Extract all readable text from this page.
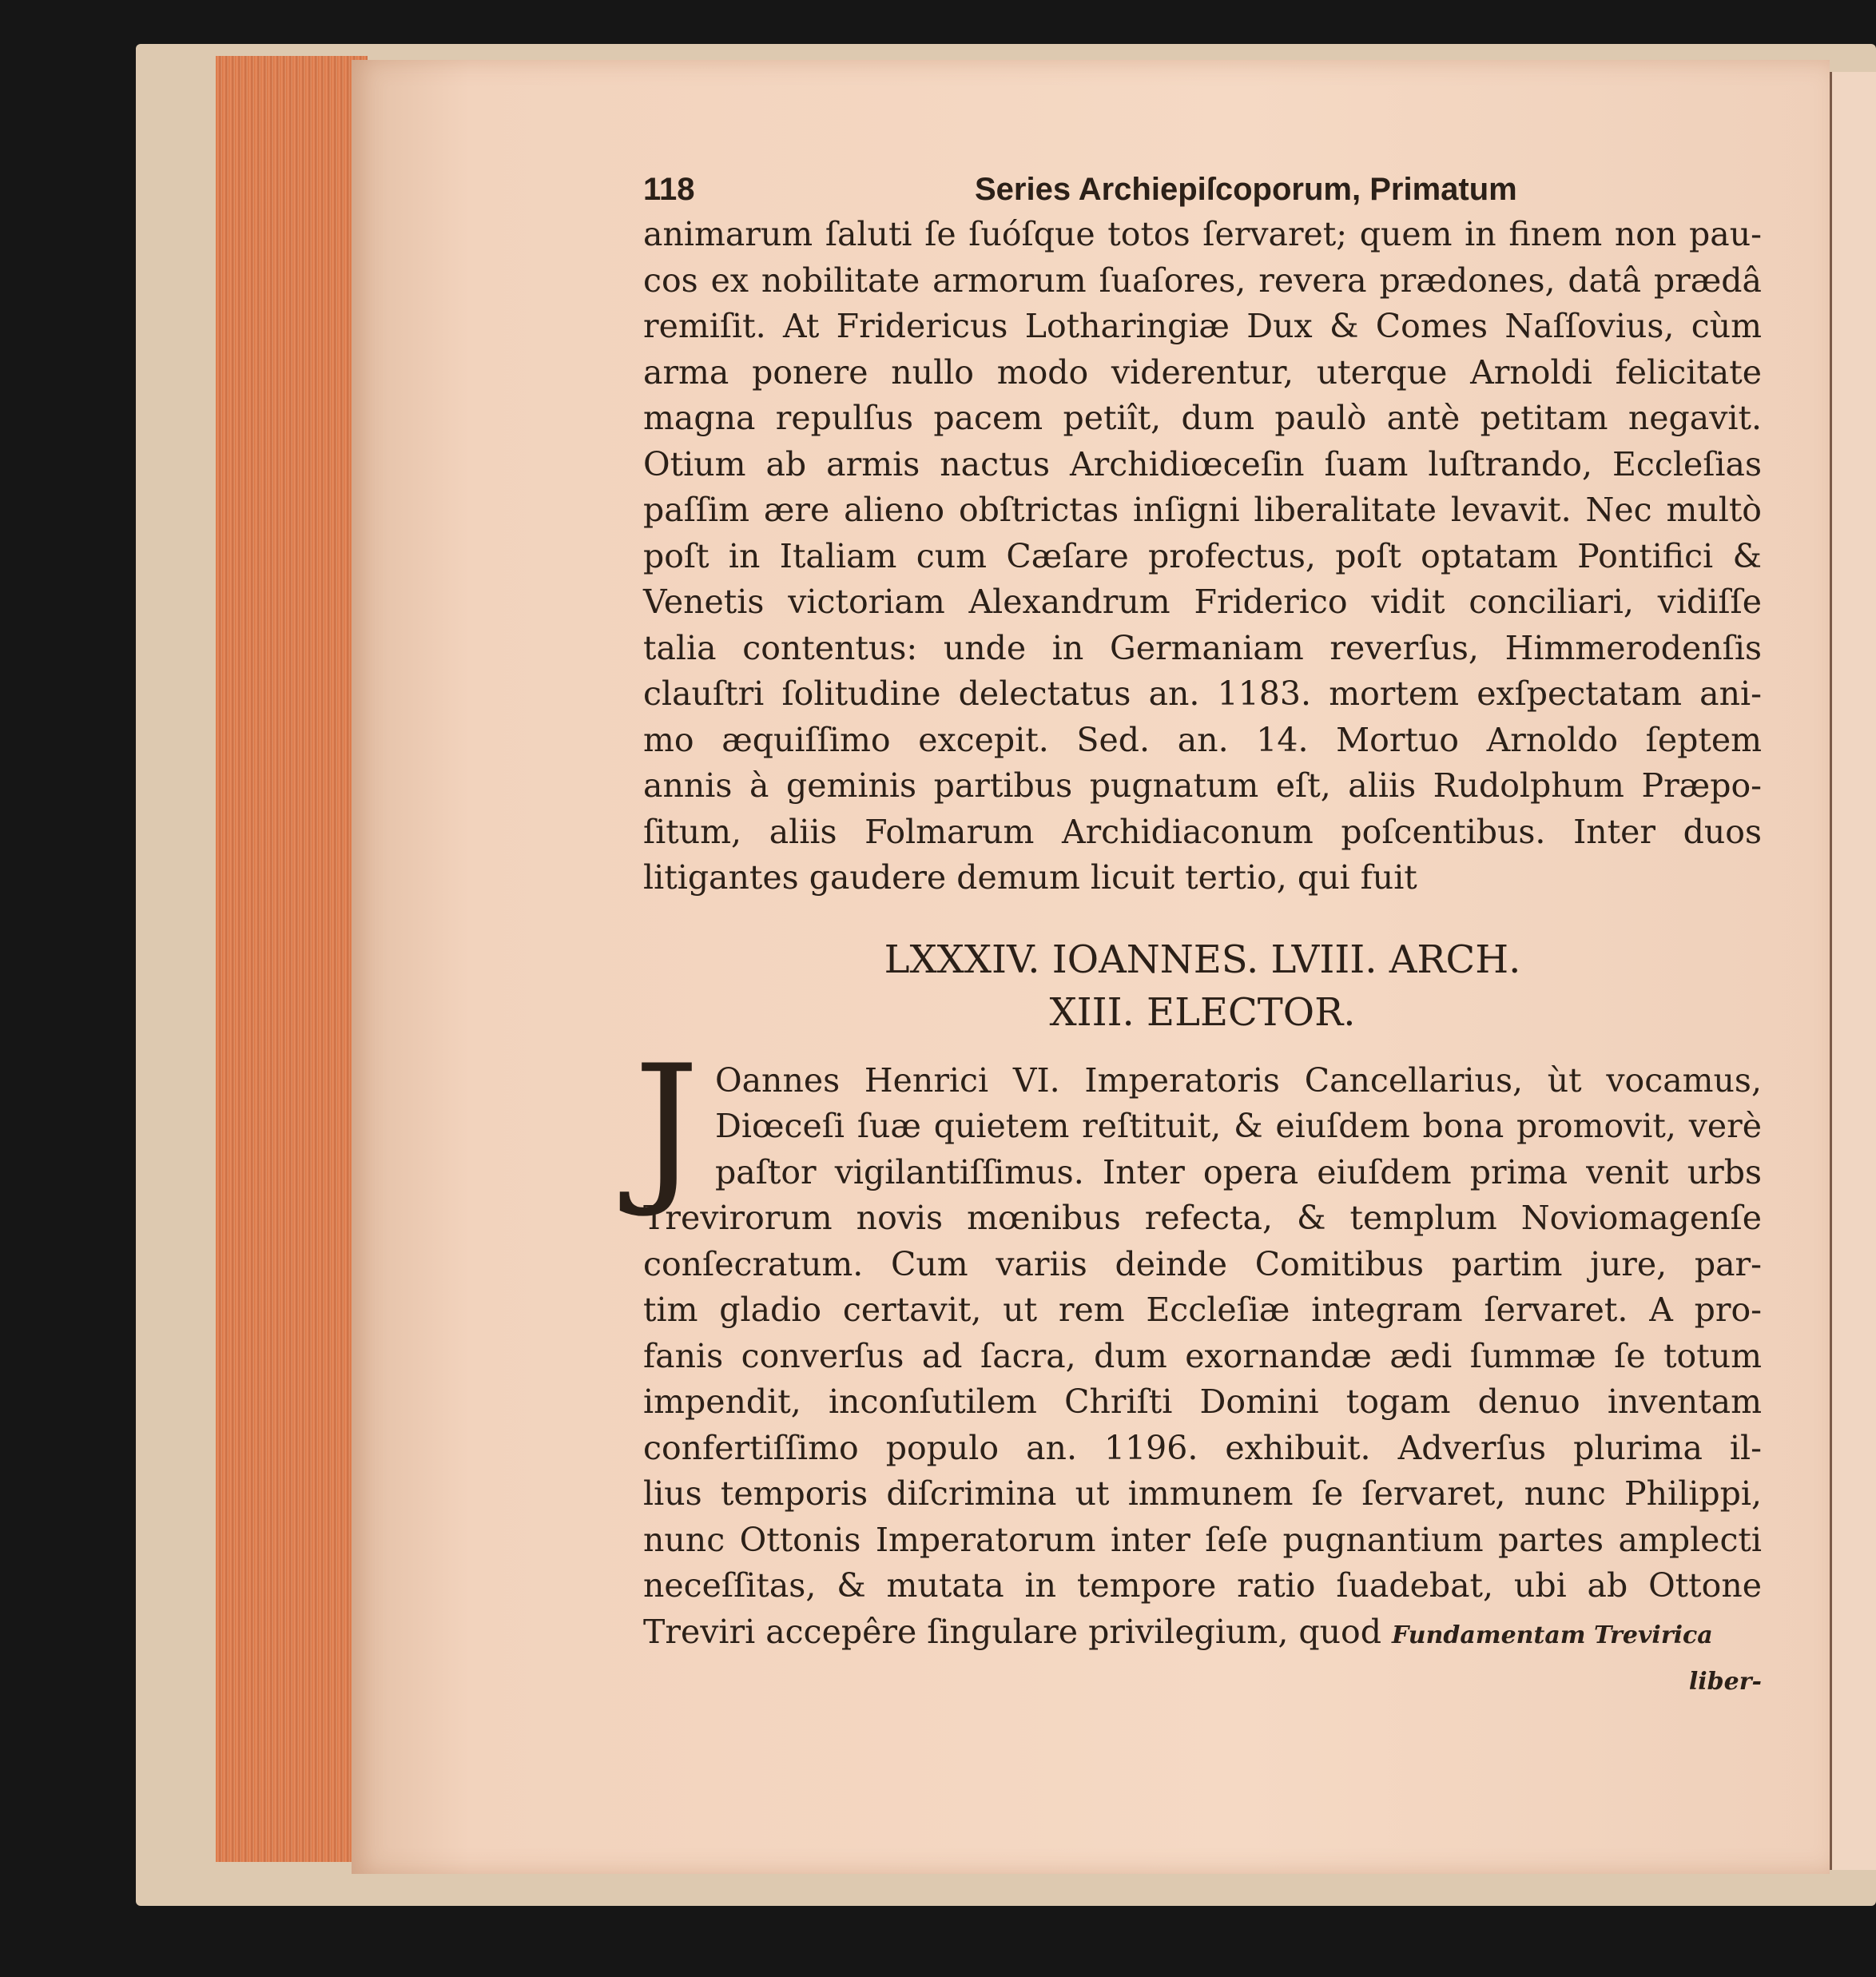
118	Series Archiepiſcoporum, Primatum
animarum ſaluti ſe ſuóſque totos ſervaret; quem in finem non pau-
cos ex nobilitate armorum ſuaſores, revera prædones, datâ prædâ
remiſit. At Fridericus Lotharingiæ Dux & Comes Naſſovius, cùm
arma ponere nullo modo viderentur, uterque Arnoldi felicitate
magna repulſus pacem petiît, dum paulò antè petitam negavit.
Otium ab armis nactus Archidiœceſin ſuam luſtrando, Eccleſias
paſſim ære alieno obſtrictas inſigni liberalitate levavit. Nec multò
poſt in Italiam cum Cæſare profectus, poſt optatam Pontifici &
Venetis victoriam Alexandrum Friderico vidit conciliari, vidiſſe
talia contentus: unde in Germaniam reverſus, Himmerodenſis
clauſtri ſolitudine delectatus an. 1183. mortem exſpectatam ani-
mo æquiſſimo excepit. Sed. an. 14. Mortuo Arnoldo ſeptem
annis à geminis partibus pugnatum eſt, aliis Rudolphum Præpo-
ſitum, aliis Folmarum Archidiaconum poſcentibus. Inter duos
litigantes gaudere demum licuit tertio, qui fuit
LXXXIV. IOANNES. LVIII. ARCH.
XIII. ELECTOR.
J Oannes Henrici VI. Imperatoris Cancellarius, ùt vocamus,
Diœceſi ſuæ quietem reſtituit, & eiuſdem bona promovit, verè
paſtor vigilantiſſimus. Inter opera eiuſdem prima venit urbs
Trevirorum novis mœnibus refecta, & templum Noviomagenſe
conſecratum. Cum variis deinde Comitibus partim jure, par-
tim gladio certavit, ut rem Eccleſiæ integram ſervaret. A pro-
fanis converſus ad ſacra, dum exornandæ ædi ſummæ ſe totum
impendit, inconſutilem Chriſti Domini togam denuo inventam
confertiſſimo populo an. 1196. exhibuit. Adverſus plurima il-
lius temporis diſcrimina ut immunem ſe ſervaret, nunc Philippi,
nunc Ottonis Imperatorum inter ſeſe pugnantium partes amplecti
neceſſitas, & mutata in tempore ratio ſuadebat, ubi ab Ottone
Treviri accepêre ſingulare privilegium, quod Fundamentam Trevirica
liber-
